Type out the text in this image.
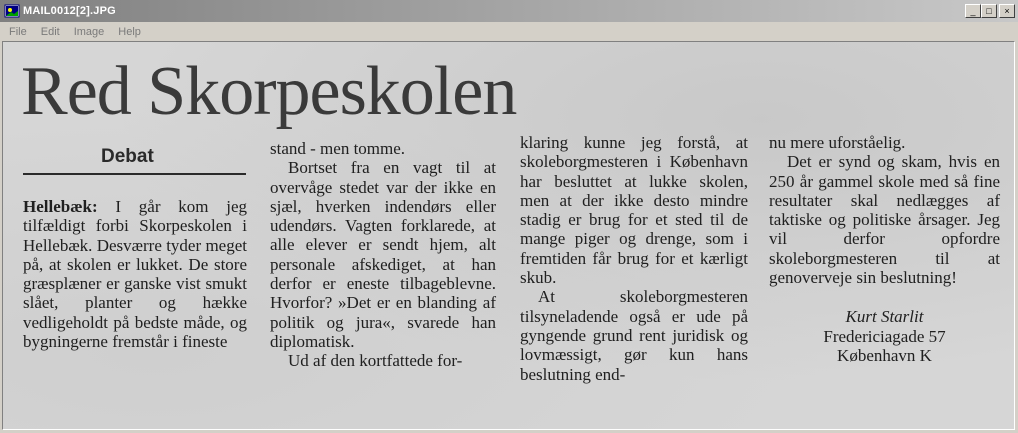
MAIL0012[2].JPG	_	□	×
File	Edit	Image	Help
Red Skorpeskolen
Debat

Hellebæk: I går kom jeg tilfældigt forbi Skorpeskolen i Hellebæk. Desværre tyder meget på, at skolen er lukket. De store græsplæner er ganske vist smukt slået, planter og hække vedligeholdt på bedste måde, og bygningerne fremstår i fineste

stand - men tomme.

Bortset fra en vagt til at overvåge stedet var der ikke en sjæl, hverken indendørs eller udendørs. Vagten forklarede, at alle elever er sendt hjem, alt personale afskediget, at han derfor er eneste tilbageblevne. Hvorfor? »Det er en blanding af politik og jura«, svarede han diplomatisk.

Ud af den kortfattede for-

klaring kunne jeg forstå, at skoleborgmesteren i København har besluttet at lukke skolen, men at der ikke desto mindre stadig er brug for et sted til de mange piger og drenge, som i fremtiden får brug for et kærligt skub.

At skoleborgmesteren tilsyneladende også er ude på gyngende grund rent juridisk og lovmæssigt, gør kun hans beslutning end-

nu mere uforståelig.

Det er synd og skam, hvis en 250 år gammel skole med så fine resultater skal nedlægges af taktiske og politiske årsager. Jeg vil derfor opfordre skoleborgmesteren til at genoverveje sin beslutning!

Kurt Starlit
Fredericiagade 57
København K
